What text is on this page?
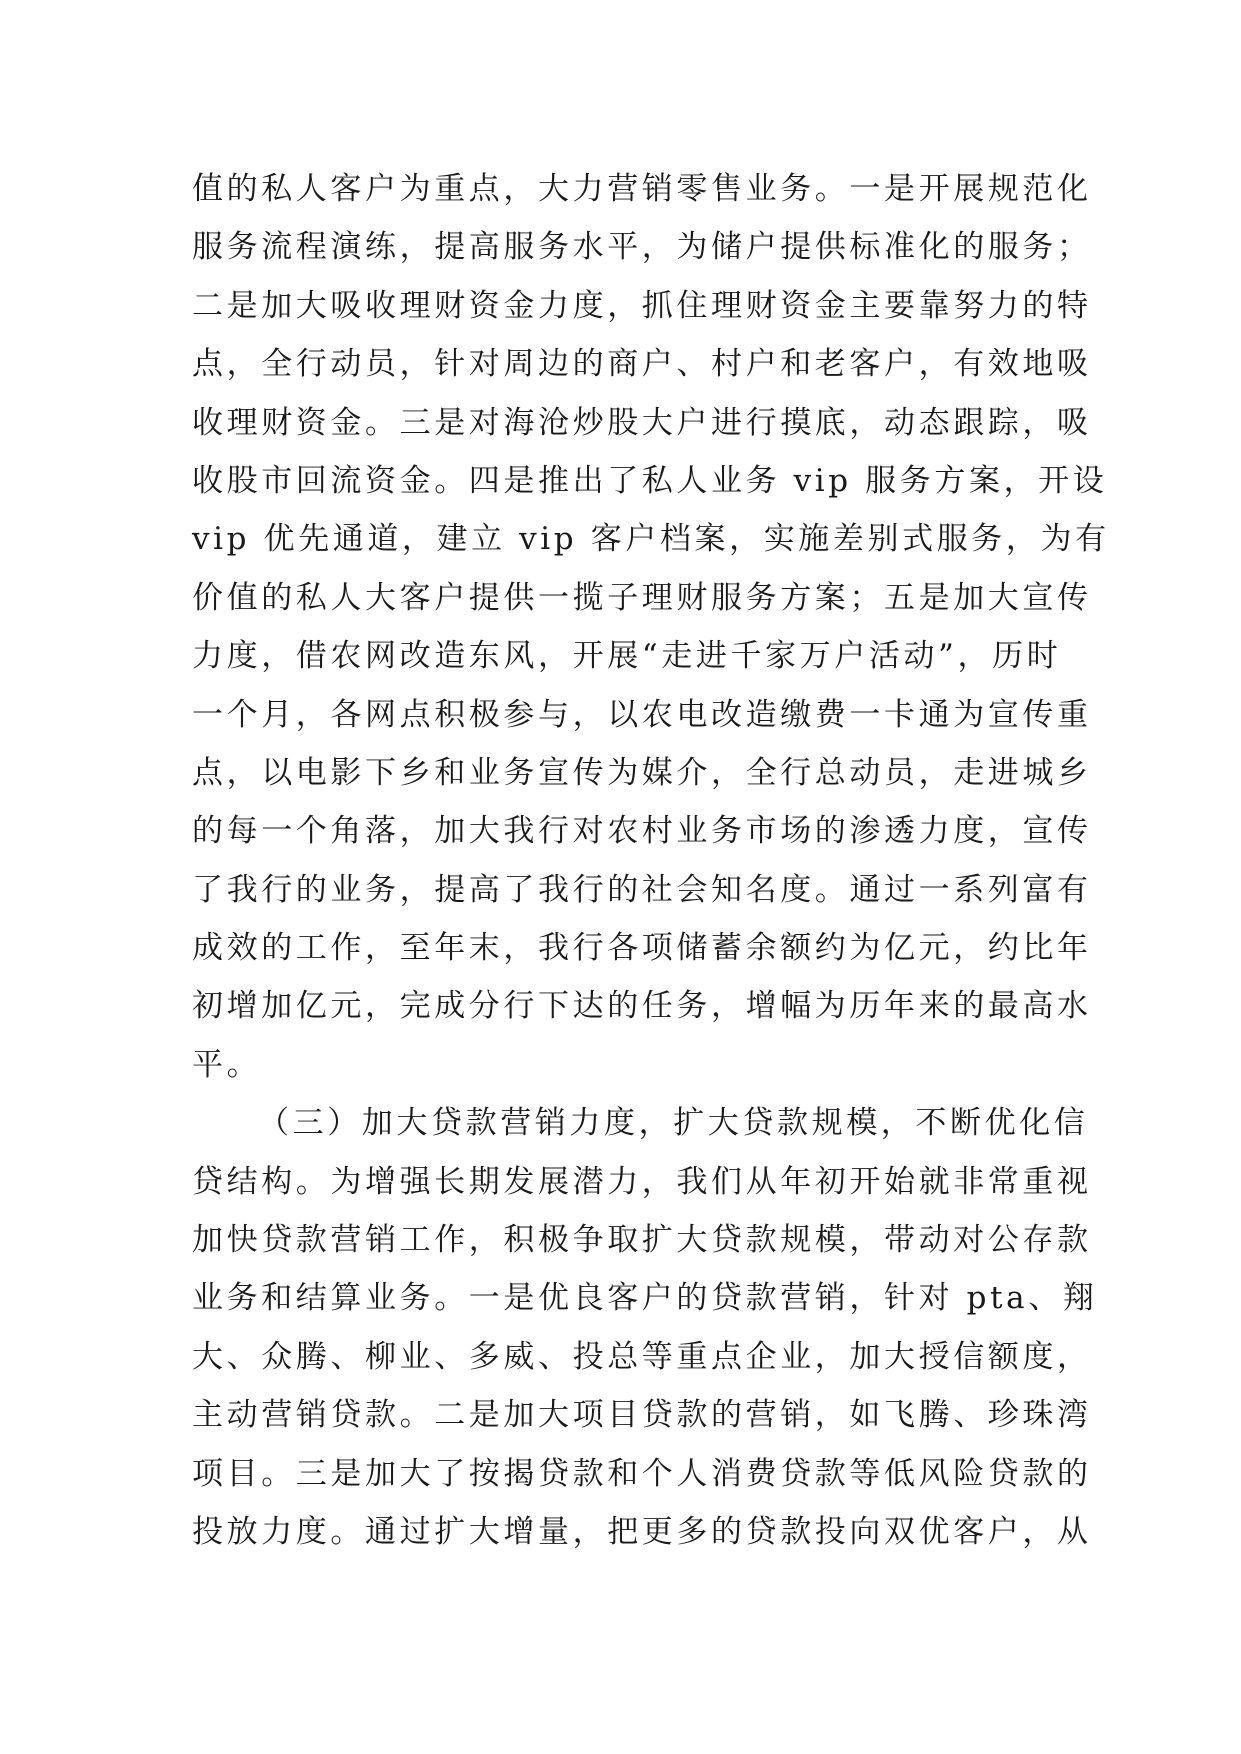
值的私人客户为重点，大力营销零售业务。一是开展规范化
服务流程演练，提高服务水平，为储户提供标准化的服务；
二是加大吸收理财资金力度，抓住理财资金主要靠努力的特
点，全行动员，针对周边的商户、村户和老客户，有效地吸
收理财资金。三是对海沧炒股大户进行摸底，动态跟踪，吸
收股市回流资金。四是推出了私人业务 vip 服务方案，开设
vip 优先通道，建立 vip 客户档案，实施差别式服务，为有
价值的私人大客户提供一揽子理财服务方案；五是加大宣传
力度，借农网改造东风，开展“走进千家万户活动”，历时
一个月，各网点积极参与，以农电改造缴费一卡通为宣传重
点，以电影下乡和业务宣传为媒介，全行总动员，走进城乡
的每一个角落，加大我行对农村业务市场的渗透力度，宣传
了我行的业务，提高了我行的社会知名度。通过一系列富有
成效的工作，至年末，我行各项储蓄余额约为亿元，约比年
初增加亿元，完成分行下达的任务，增幅为历年来的最高水
平。
（三）加大贷款营销力度，扩大贷款规模，不断优化信
贷结构。为增强长期发展潜力，我们从年初开始就非常重视
加快贷款营销工作，积极争取扩大贷款规模，带动对公存款
业务和结算业务。一是优良客户的贷款营销，针对 pta、翔
大、众腾、柳业、多威、投总等重点企业，加大授信额度，
主动营销贷款。二是加大项目贷款的营销，如飞腾、珍珠湾
项目。三是加大了按揭贷款和个人消费贷款等低风险贷款的
投放力度。通过扩大增量，把更多的贷款投向双优客户，从
